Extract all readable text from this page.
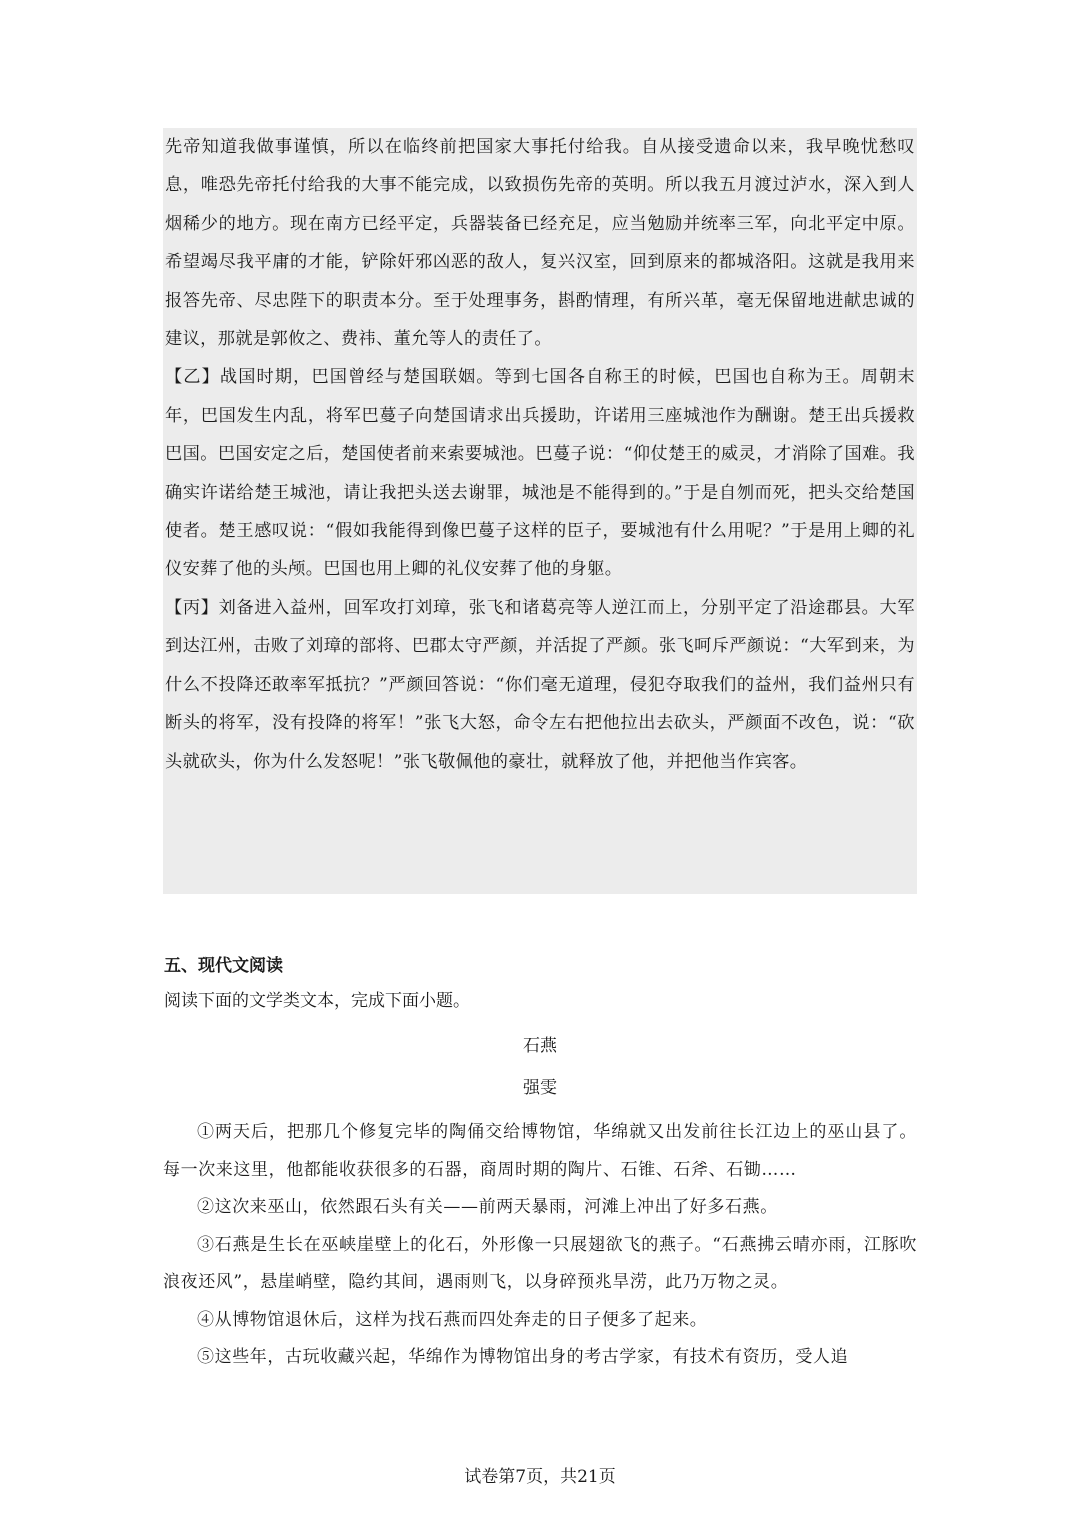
先帝知道我做事谨慎，所以在临终前把国家大事托付给我。自从接受遗命以来，我早晚忧愁叹息，唯恐先帝托付给我的大事不能完成，以致损伤先帝的英明。所以我五月渡过泸水，深入到人烟稀少的地方。现在南方已经平定，兵器装备已经充足，应当勉励并统率三军，向北平定中原。希望竭尽我平庸的才能，铲除奸邪凶恶的敌人，复兴汉室，回到原来的都城洛阳。这就是我用来报答先帝、尽忠陛下的职责本分。至于处理事务，斟酌情理，有所兴革，毫无保留地进献忠诚的建议，那就是郭攸之、费祎、董允等人的责任了。

【乙】战国时期，巴国曾经与楚国联姻。等到七国各自称王的时候，巴国也自称为王。周朝末年，巴国发生内乱，将军巴蔓子向楚国请求出兵援助，许诺用三座城池作为酬谢。楚王出兵援救巴国。巴国安定之后，楚国使者前来索要城池。巴蔓子说：“仰仗楚王的威灵，才消除了国难。我确实许诺给楚王城池，请让我把头送去谢罪，城池是不能得到的。”于是自刎而死，把头交给楚国使者。楚王感叹说：“假如我能得到像巴蔓子这样的臣子，要城池有什么用呢？”于是用上卿的礼仪安葬了他的头颅。巴国也用上卿的礼仪安葬了他的身躯。

【丙】刘备进入益州，回军攻打刘璋，张飞和诸葛亮等人逆江而上，分别平定了沿途郡县。大军到达江州，击败了刘璋的部将、巴郡太守严颜，并活捉了严颜。张飞呵斥严颜说：“大军到来，为什么不投降还敢率军抵抗？”严颜回答说：“你们毫无道理，侵犯夺取我们的益州，我们益州只有断头的将军，没有投降的将军！”张飞大怒，命令左右把他拉出去砍头，严颜面不改色，说：“砍头就砍头，你为什么发怒呢！”张飞敬佩他的豪壮，就释放了他，并把他当作宾客。

五、现代文阅读

阅读下面的文学类文本，完成下面小题。

石燕

强雯

①两天后，把那几个修复完毕的陶俑交给博物馆，华绵就又出发前往长江边上的巫山县了。每一次来这里，他都能收获很多的石器，商周时期的陶片、石锥、石斧、石锄……

②这次来巫山，依然跟石头有关——前两天暴雨，河滩上冲出了好多石燕。

③石燕是生长在巫峡崖壁上的化石，外形像一只展翅欲飞的燕子。“石燕拂云晴亦雨，江豚吹浪夜还风”，悬崖峭壁，隐约其间，遇雨则飞，以身碎预兆旱涝，此乃万物之灵。

④从博物馆退休后，这样为找石燕而四处奔走的日子便多了起来。

⑤这些年，古玩收藏兴起，华绵作为博物馆出身的考古学家，有技术有资历，受人追

试卷第7页，共21页
